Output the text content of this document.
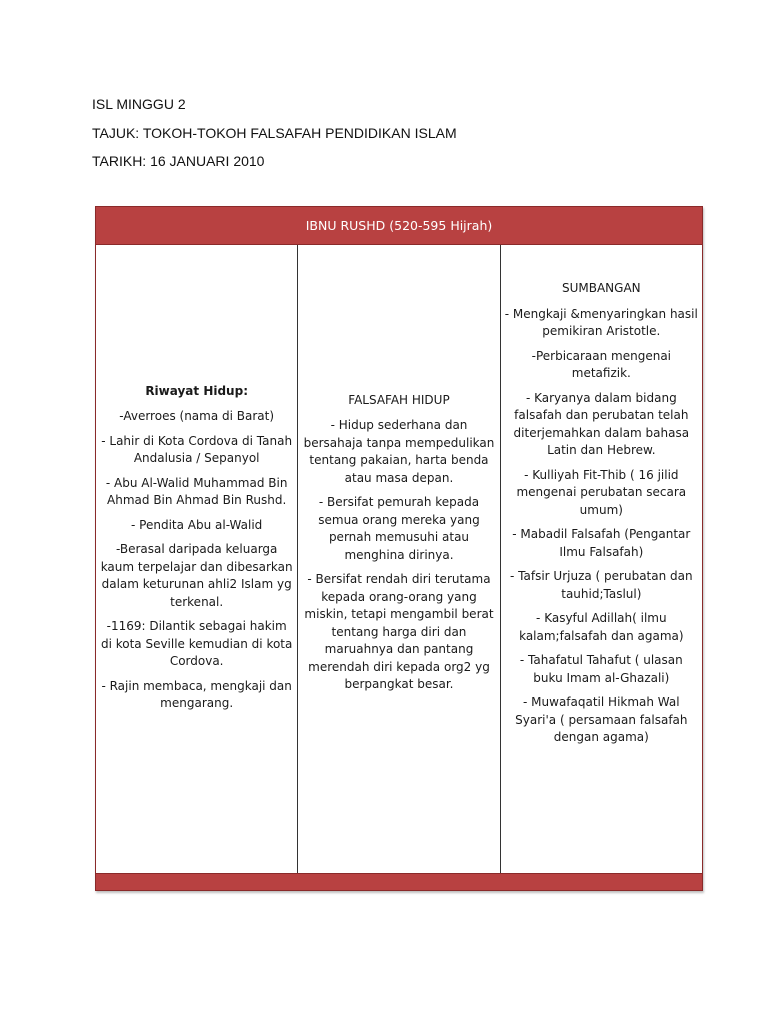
ISL MINGGU 2
TAJUK: TOKOH-TOKOH FALSAFAH PENDIDIKAN ISLAM
TARIKH: 16 JANUARI 2010
IBNU RUSHD (520-595 Hijrah)

Riwayat Hidup:

-Averroes (nama di Barat)

- Lahir di Kota Cordova di Tanah Andalusia / Sepanyol

- Abu Al-Walid Muhammad Bin Ahmad Bin Ahmad Bin Rushd.

- Pendita Abu al-Walid

-Berasal daripada keluarga kaum terpelajar dan dibesarkan dalam keturunan ahli2 Islam yg terkenal.

-1169: Dilantik sebagai hakim di kota Seville kemudian di kota Cordova.

- Rajin membaca, mengkaji dan mengarang.

FALSAFAH HIDUP

- Hidup sederhana dan bersahaja tanpa mempedulikan tentang pakaian, harta benda atau masa depan.

- Bersifat pemurah kepada semua orang mereka yang pernah memusuhi atau menghina dirinya.

- Bersifat rendah diri terutama kepada orang-orang yang miskin, tetapi mengambil berat tentang harga diri dan maruahnya dan pantang merendah diri kepada org2 yg berpangkat besar.

SUMBANGAN

- Mengkaji &menyaringkan hasil pemikiran Aristotle.

-Perbicaraan mengenai metafizik.

- Karyanya dalam bidang falsafah dan perubatan telah diterjemahkan dalam bahasa Latin dan Hebrew.

- Kulliyah Fit-Thib ( 16 jilid mengenai perubatan secara umum)

- Mabadil Falsafah (Pengantar Ilmu Falsafah)

- Tafsir Urjuza ( perubatan dan tauhid;Taslul)

- Kasyful Adillah( ilmu kalam;falsafah dan agama)

- Tahafatul Tahafut ( ulasan buku Imam al-Ghazali)

- Muwafaqatil Hikmah Wal Syari'a ( persamaan falsafah dengan agama)
